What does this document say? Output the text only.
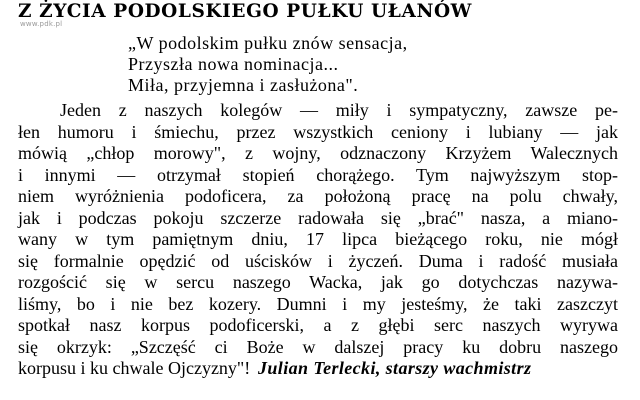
www.pdk.pl
Z ŻYCIA PODOLSKIEGO PUŁKU UŁANÓW
„W podolskim pułku znów sensacja,
Przyszła nowa nominacja...
Miła, przyjemna i zasłużona".
Jeden z naszych kolegów — miły i sympatyczny, zawsze pe-
łen humoru i śmiechu, przez wszystkich ceniony i lubiany — jak
mówią „chłop morowy", z wojny, odznaczony Krzyżem Walecznych
i innymi — otrzymał stopień chorążego. Tym najwyższym stop-
niem wyróżnienia podoficera, za położoną pracę na polu chwały,
jak i podczas pokoju szczerze radowała się „brać" nasza, a miano-
wany w tym pamiętnym dniu, 17 lipca bieżącego roku, nie mógł
się formalnie opędzić od uścisków i życzeń. Duma i radość musiała
rozgościć się w sercu naszego Wacka, jak go dotychczas nazywa-
liśmy, bo i nie bez kozery. Dumni i my jesteśmy, że taki zaszczyt
spotkał nasz korpus podoficerski, a z głębi serc naszych wyrywa
się okrzyk: „Szczęść ci Boże w dalszej pracy ku dobru naszego
korpusu i ku chwale Ojczyzny"! Julian Terlecki, starszy wachmistrz
